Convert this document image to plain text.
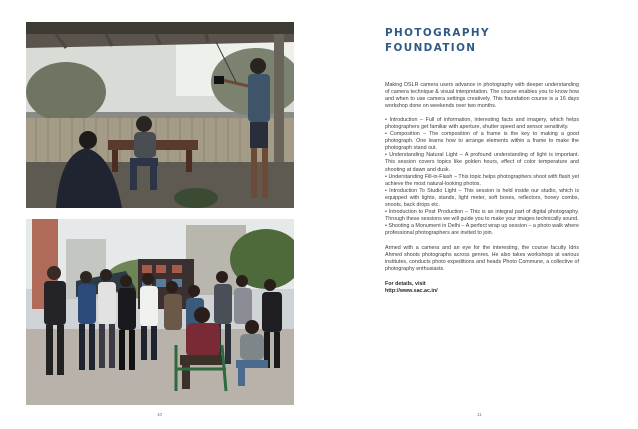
PHOTOGRAPHY
FOUNDATION

Making DSLR camera users advance in photography with deeper understanding of camera technique & visual interpretation. The course enables you to know how and when to use camera settings creatively. This foundation course is a 16 days workshop done on weekends over two months.

• Introduction – Full of information, interesting facts and imagery, which helps photographers get familiar with aperture, shutter speed and sensor sensitivity.
• Composition – The composition of a frame is the key to making a good photograph. One learns how to arrange elements within a frame to make the photograph stand out.
• Understanding Natural Light – A profound understanding of light is important. This session covers topics like golden hours, effect of color temperature and shooting at dawn and dusk.
• Understanding Fill-in-Flash – This topic helps photographers shoot with flash yet achieve the most natural-looking photos.
• Introduction To Studio Light – This session is held inside our studio, which is equipped with lights, stands, light meter, soft boxes, reflectors, honey combs, snoots, back drops etc.
• Introduction to Post Production – This is an integral part of digital photography. Through these sessions we will guide you to make your images technically sound.
• Shooting a Monument in Delhi – A perfect wrap up session – a photo walk where professional photographers are invited to join.

Armed with a camera and an eye for the interesting, the course faculty Idris Ahmed shoots photographs across genres. He also takes workshops at various institutes, conducts photo expeditions and heads Photo Commune, a collective of photography enthusiasts.

For details, visit
http://www.sac.ac.in/
10	11
